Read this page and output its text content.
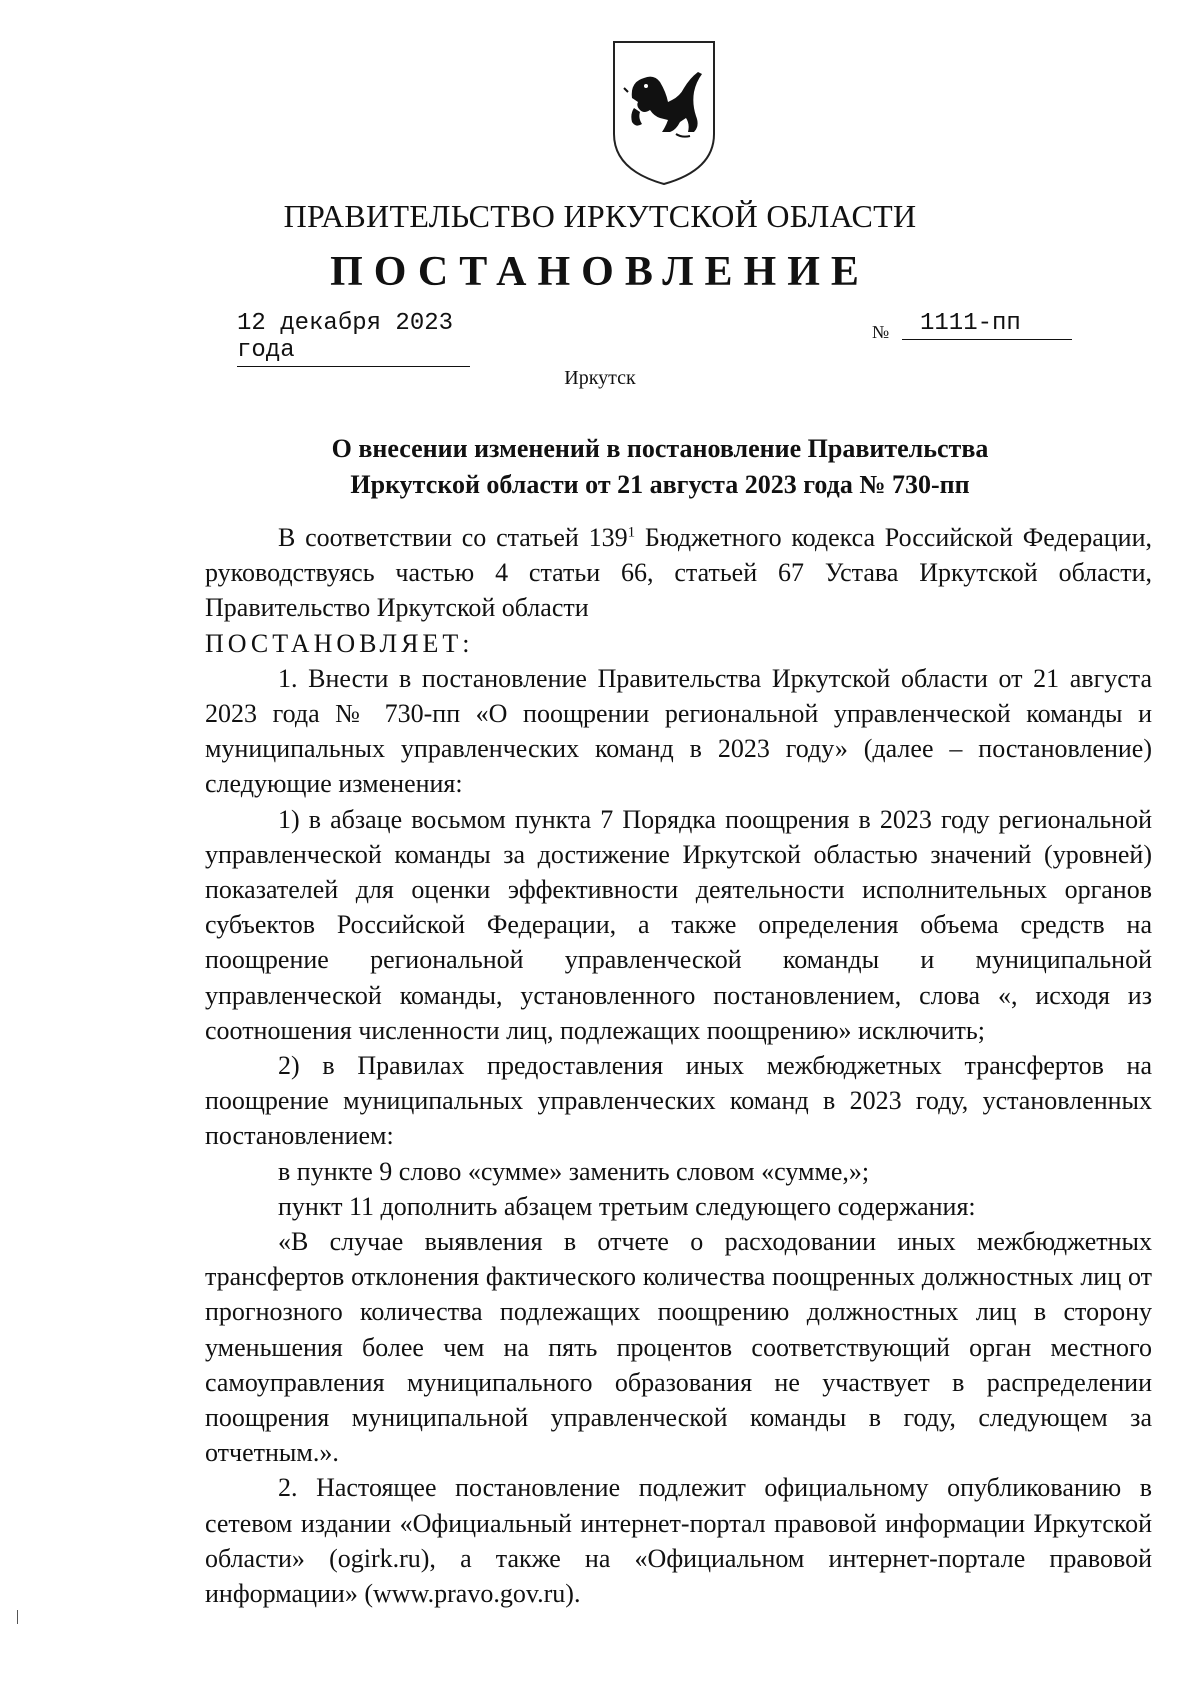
ПРАВИТЕЛЬСТВО ИРКУТСКОЙ ОБЛАСТИ
ПОСТАНОВЛЕНИЕ
12 декабря 2023 года
№	1111-пп
Иркутск
О внесении изменений в постановление Правительства
Иркутской области от 21 августа 2023 года № 730-пп

В соответствии со статьей $139^1$ Бюджетного кодекса Российской Федерации, руководствуясь частью 4 статьи 66, статьей 67 Устава Иркутской области, Правительство Иркутской области

ПОСТАНОВЛЯЕТ:

1. Внести в постановление Правительства Иркутской области от 21 августа 2023 года № 730-пп «О поощрении региональной управленческой команды и муниципальных управленческих команд в 2023 году» (далее – постановление) следующие изменения:

1) в абзаце восьмом пункта 7 Порядка поощрения в 2023 году региональной управленческой команды за достижение Иркутской областью значений (уровней) показателей для оценки эффективности деятельности исполнительных органов субъектов Российской Федерации, а также определения объема средств на поощрение региональной управленческой команды и муниципальной управленческой команды, установленного постановлением, слова «, исходя из соотношения численности лиц, подлежащих поощрению» исключить;

2) в Правилах предоставления иных межбюджетных трансфертов на поощрение муниципальных управленческих команд в 2023 году, установленных постановлением:

в пункте 9 слово «сумме» заменить словом «сумме,»;

пункт 11 дополнить абзацем третьим следующего содержания:

«В случае выявления в отчете о расходовании иных межбюджетных трансфертов отклонения фактического количества поощренных должностных лиц от прогнозного количества подлежащих поощрению должностных лиц в сторону уменьшения более чем на пять процентов соответствующий орган местного самоуправления муниципального образования не участвует в распределении поощрения муниципальной управленческой команды в году, следующем за отчетным.».

2. Настоящее постановление подлежит официальному опубликованию в сетевом издании «Официальный интернет-портал правовой информации Иркутской области» (ogirk.ru), а также на «Официальном интернет-портале правовой информации» (www.pravo.gov.ru).
